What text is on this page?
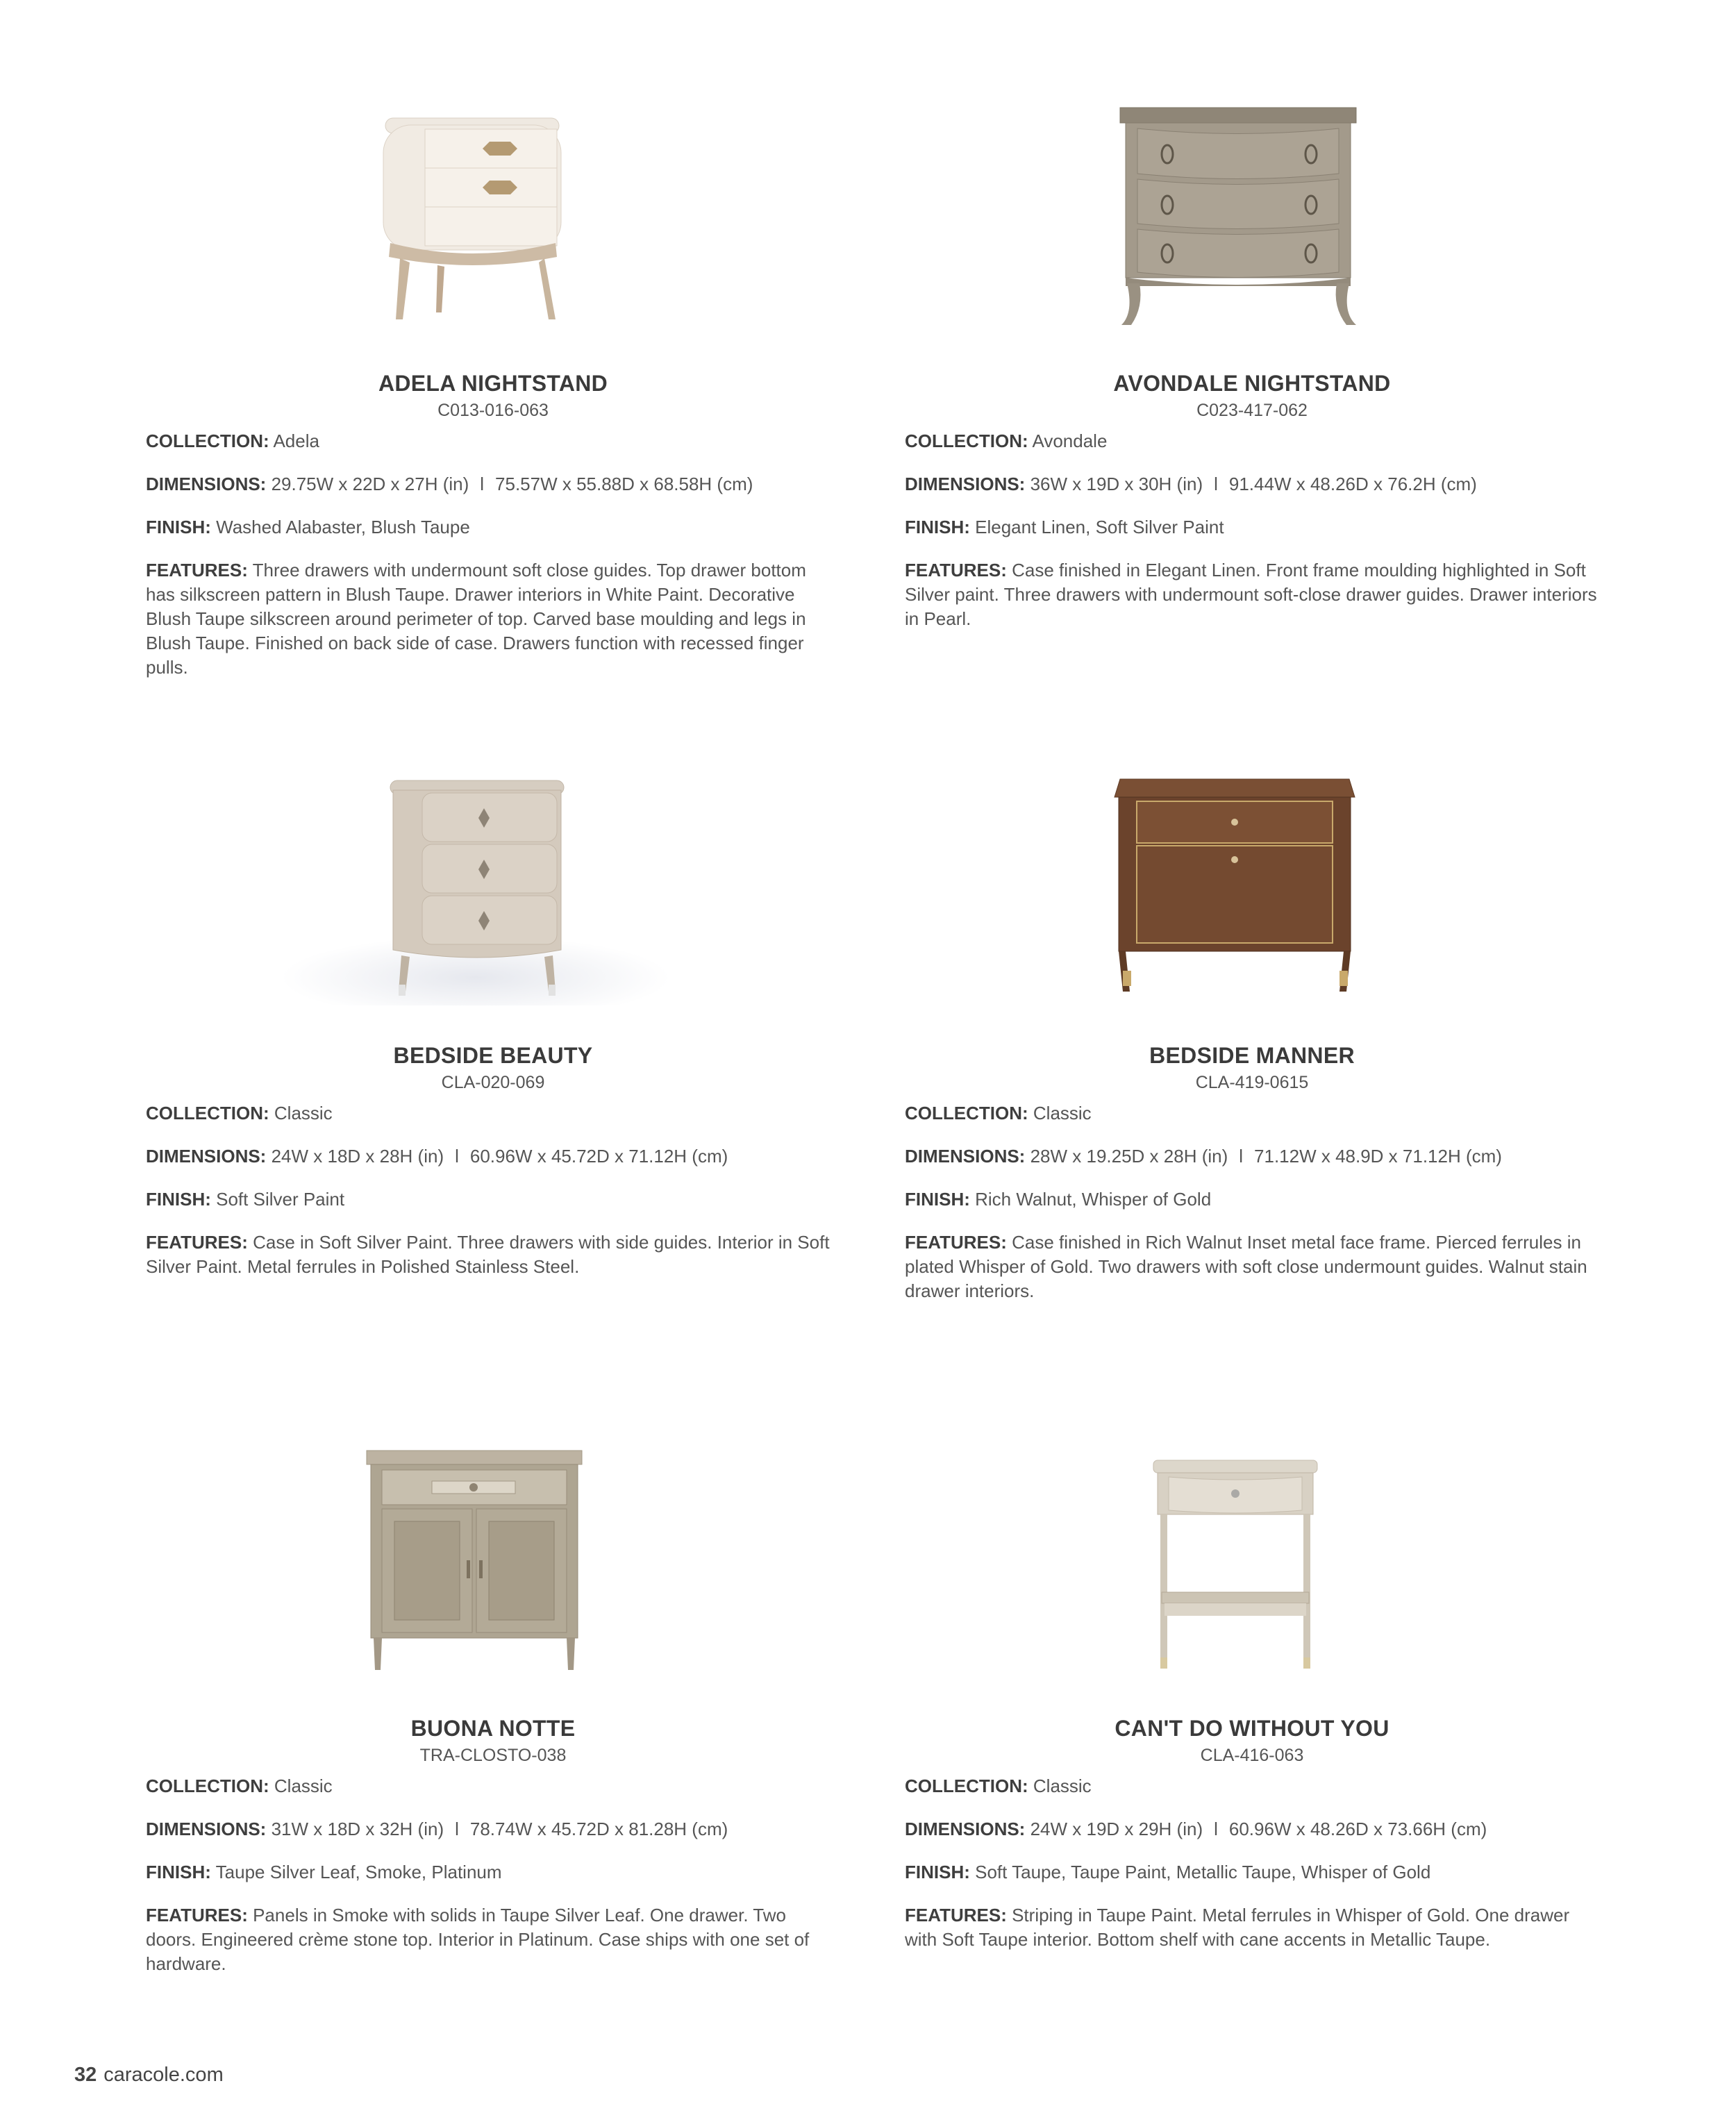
ADELA NIGHTSTAND
C013-016-063
COLLECTION: Adela
DIMENSIONS: 29.75W x 22D x 27H (in) l 75.57W x 55.88D x 68.58H (cm)
FINISH: Washed Alabaster, Blush Taupe
FEATURES: Three drawers with undermount soft close guides. Top drawer bottom has silkscreen pattern in Blush Taupe. Drawer interiors in White Paint. Decorative Blush Taupe silkscreen around perimeter of top. Carved base moulding and legs in Blush Taupe. Finished on back side of case. Drawers function with recessed finger pulls.
AVONDALE NIGHTSTAND
C023-417-062
COLLECTION: Avondale
DIMENSIONS: 36W x 19D x 30H (in) l 91.44W x 48.26D x 76.2H (cm)
FINISH: Elegant Linen, Soft Silver Paint
FEATURES: Case finished in Elegant Linen. Front frame moulding highlighted in Soft Silver paint. Three drawers with undermount soft-close drawer guides. Drawer interiors in Pearl.
BEDSIDE BEAUTY
CLA-020-069
COLLECTION: Classic
DIMENSIONS: 24W x 18D x 28H (in) l 60.96W x 45.72D x 71.12H (cm)
FINISH: Soft Silver Paint
FEATURES: Case in Soft Silver Paint. Three drawers with side guides. Interior in Soft Silver Paint. Metal ferrules in Polished Stainless Steel.
BEDSIDE MANNER
CLA-419-0615
COLLECTION: Classic
DIMENSIONS: 28W x 19.25D x 28H (in) l 71.12W x 48.9D x 71.12H (cm)
FINISH: Rich Walnut, Whisper of Gold
FEATURES: Case finished in Rich Walnut Inset metal face frame. Pierced ferrules in plated Whisper of Gold. Two drawers with soft close undermount guides. Walnut stain drawer interiors.
BUONA NOTTE
TRA-CLOSTO-038
COLLECTION: Classic
DIMENSIONS: 31W x 18D x 32H (in) l 78.74W x 45.72D x 81.28H (cm)
FINISH: Taupe Silver Leaf, Smoke, Platinum
FEATURES: Panels in Smoke with solids in Taupe Silver Leaf. One drawer. Two doors. Engineered crème stone top. Interior in Platinum. Case ships with one set of hardware.
CAN'T DO WITHOUT YOU
CLA-416-063
COLLECTION: Classic
DIMENSIONS: 24W x 19D x 29H (in) l 60.96W x 48.26D x 73.66H (cm)
FINISH: Soft Taupe, Taupe Paint, Metallic Taupe, Whisper of Gold
FEATURES: Striping in Taupe Paint. Metal ferrules in Whisper of Gold. One drawer with Soft Taupe interior. Bottom shelf with cane accents in Metallic Taupe.
32 caracole.com
